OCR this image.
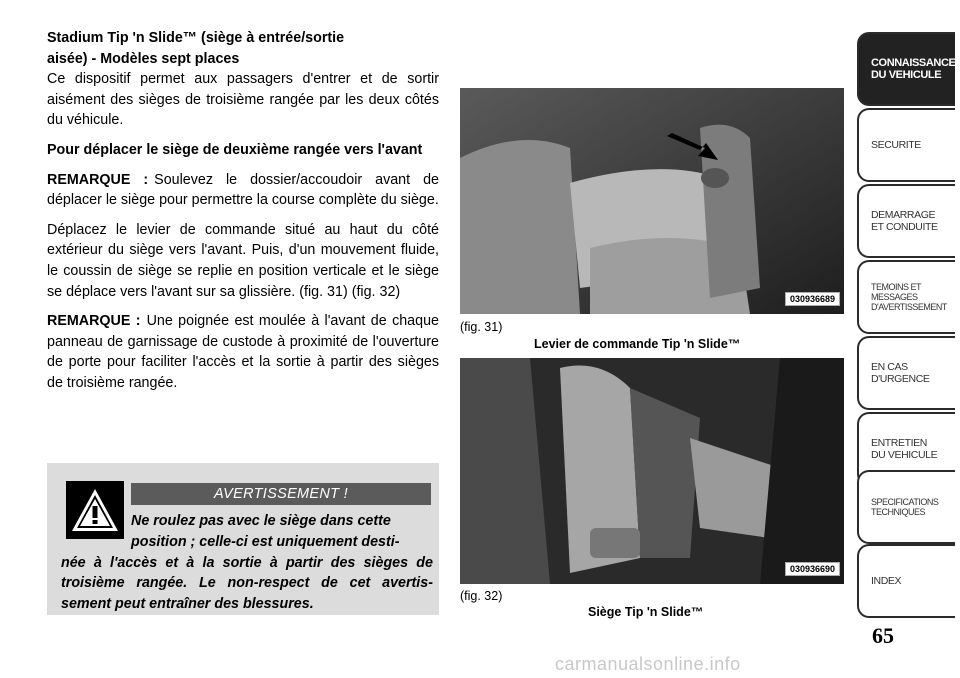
Stadium Tip 'n Slide™ (siège à entrée/sortie

aisée) - Modèles sept places

Ce dispositif permet aux passagers d'entrer et de sortir aisément des sièges de troisième rangée par les deux côtés du véhicule.

Pour déplacer le siège de deuxième rangée vers l'avant

REMARQUE : Soulevez le dossier/accoudoir avant de déplacer le siège pour permettre la course complète du siège.

Déplacez le levier de commande situé au haut du côté extérieur du siège vers l'avant. Puis, d'un mouvement fluide, le coussin de siège se replie en position verticale et le siège se déplace vers l'avant sur sa glissière. (fig. 31) (fig. 32)

REMARQUE : Une poignée est moulée à l'avant de chaque panneau de garnissage de custode à proximité de l'ouverture de porte pour faciliter l'accès et la sortie à partir des sièges de troisième rangée.

AVERTISSEMENT !
Ne roulez pas avec le siège dans cette
position ; celle-ci est uniquement desti-
née à l'accès et à la sortie à partir des sièges de troisième rangée. Le non-respect de cet avertis-sement peut entraîner des blessures.
030936689
(fig. 31)
Levier de commande Tip 'n Slide™
030936690
(fig. 32)
Siège Tip 'n Slide™
CONNAISSANCE
DU VEHICULE
SECURITE
DEMARRAGE
ET CONDUITE
TEMOINS ET
MESSAGES
D'AVERTISSEMENT
EN CAS
D'URGENCE
ENTRETIEN
DU VEHICULE
SPECIFICATIONS
TECHNIQUES
INDEX
65
carmanualsonline.info
